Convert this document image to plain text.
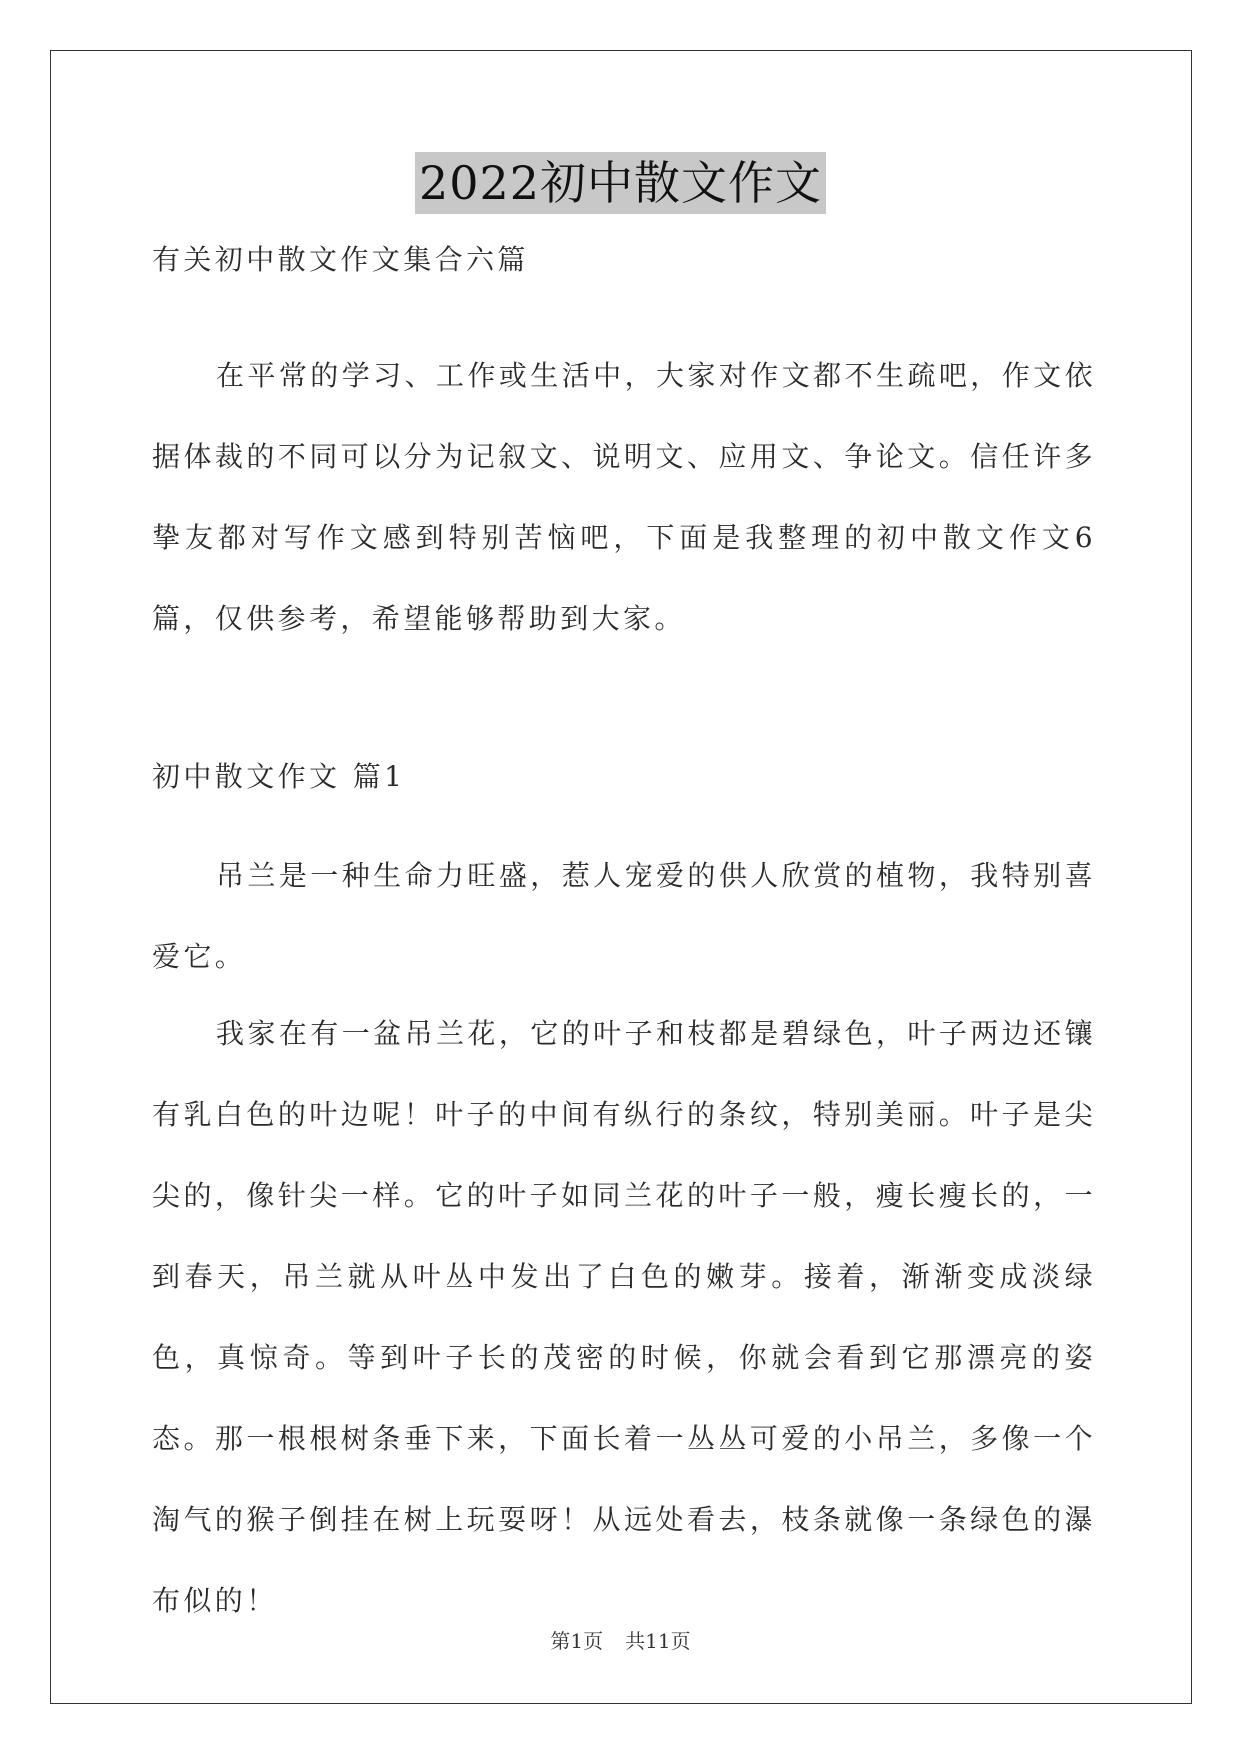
2022初中散文作文
有关初中散文作文集合六篇
在平常的学习、工作或生活中，大家对作文都不生疏吧，作文依据体裁的不同可以分为记叙文、说明文、应用文、争论文。信任许多挚友都对写作文感到特别苦恼吧，下面是我整理的初中散文作文6篇，仅供参考，希望能够帮助到大家。
初中散文作文 篇1
吊兰是一种生命力旺盛，惹人宠爱的供人欣赏的植物，我特别喜爱它。
我家在有一盆吊兰花，它的叶子和枝都是碧绿色，叶子两边还镶有乳白色的叶边呢！叶子的中间有纵行的条纹，特别美丽。叶子是尖尖的，像针尖一样。它的叶子如同兰花的叶子一般，瘦长瘦长的，一到春天，吊兰就从叶丛中发出了白色的嫩芽。接着，渐渐变成淡绿色，真惊奇。等到叶子长的茂密的时候，你就会看到它那漂亮的姿态。那一根根树条垂下来，下面长着一丛丛可爱的小吊兰，多像一个淘气的猴子倒挂在树上玩耍呀！从远处看去，枝条就像一条绿色的瀑布似的！
第1页 共11页
